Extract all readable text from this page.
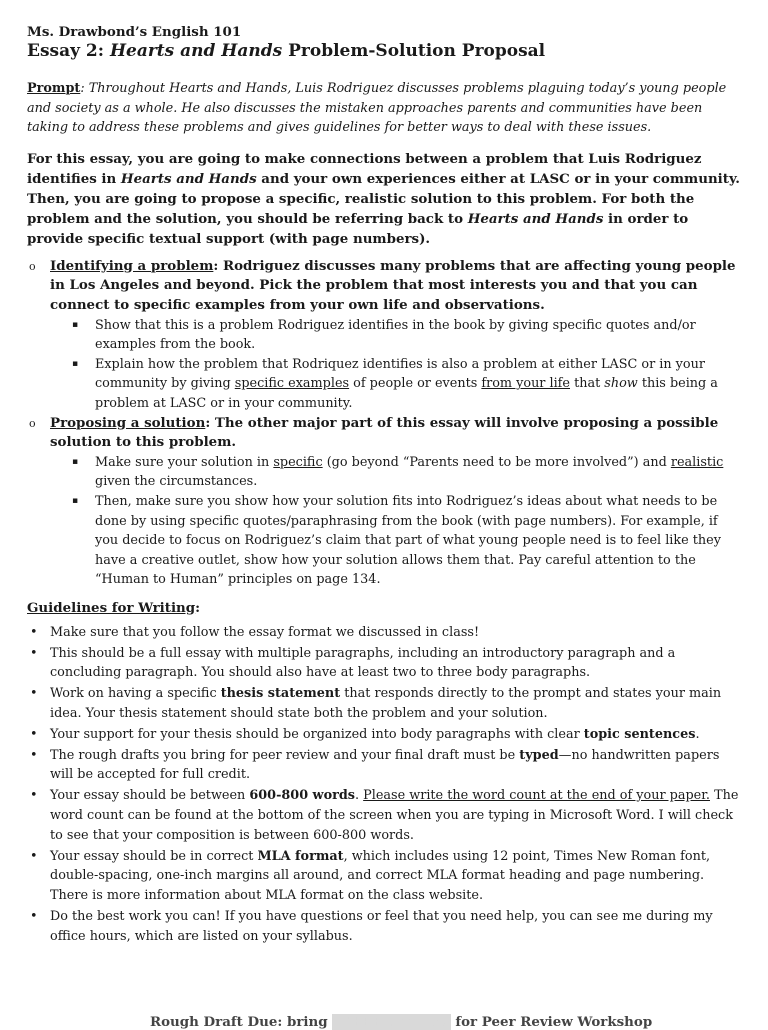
Ms. Drawbond’s English 101
Essay 2: Hearts and Hands Problem-Solution Proposal
Prompt: Throughout Hearts and Hands, Luis Rodriguez discusses problems plaguing today’s young people and society as a whole. He also discusses the mistaken approaches parents and communities have been taking to address these problems and gives guidelines for better ways to deal with these issues.
For this essay, you are going to make connections between a problem that Luis Rodriguez identifies in Hearts and Hands and your own experiences either at LASC or in your community. Then, you are going to propose a specific, realistic solution to this problem. For both the problem and the solution, you should be referring back to Hearts and Hands in order to provide specific textual support (with page numbers).
o Identifying a problem: Rodriguez discusses many problems that are affecting young people in Los Angeles and beyond. Pick the problem that most interests you and that you can connect to specific examples from your own life and observations.
▪ Show that this is a problem Rodriguez identifies in the book by giving specific quotes and/or examples from the book.
▪ Explain how the problem that Rodriquez identifies is also a problem at either LASC or in your community by giving specific examples of people or events from your life that show this being a problem at LASC or in your community.
o Proposing a solution: The other major part of this essay will involve proposing a possible solution to this problem.
▪ Make sure your solution in specific (go beyond “Parents need to be more involved”) and realistic given the circumstances.
▪ Then, make sure you show how your solution fits into Rodriguez’s ideas about what needs to be done by using specific quotes/paraphrasing from the book (with page numbers). For example, if you decide to focus on Rodriguez’s claim that part of what young people need is to feel like they have a creative outlet, show how your solution allows them that. Pay careful attention to the “Human to Human” principles on page 134.
Guidelines for Writing:
• Make sure that you follow the essay format we discussed in class!
• This should be a full essay with multiple paragraphs, including an introductory paragraph and a concluding paragraph. You should also have at least two to three body paragraphs.
• Work on having a specific thesis statement that responds directly to the prompt and states your main idea. Your thesis statement should state both the problem and your solution.
• Your support for your thesis should be organized into body paragraphs with clear topic sentences.
• The rough drafts you bring for peer review and your final draft must be typed—no handwritten papers will be accepted for full credit.
• Your essay should be between 600-800 words. Please write the word count at the end of your paper. The word count can be found at the bottom of the screen when you are typing in Microsoft Word. I will check to see that your composition is between 600-800 words.
• Your essay should be in correct MLA format, which includes using 12 point, Times New Roman font, double-spacing, one-inch margins all around, and correct MLA format heading and page numbering. There is more information about MLA format on the class website.
• Do the best work you can! If you have questions or feel that you need help, you can see me during my office hours, which are listed on your syllabus.
Rough Draft Due: bring THREE copies for Peer Review Workshop
